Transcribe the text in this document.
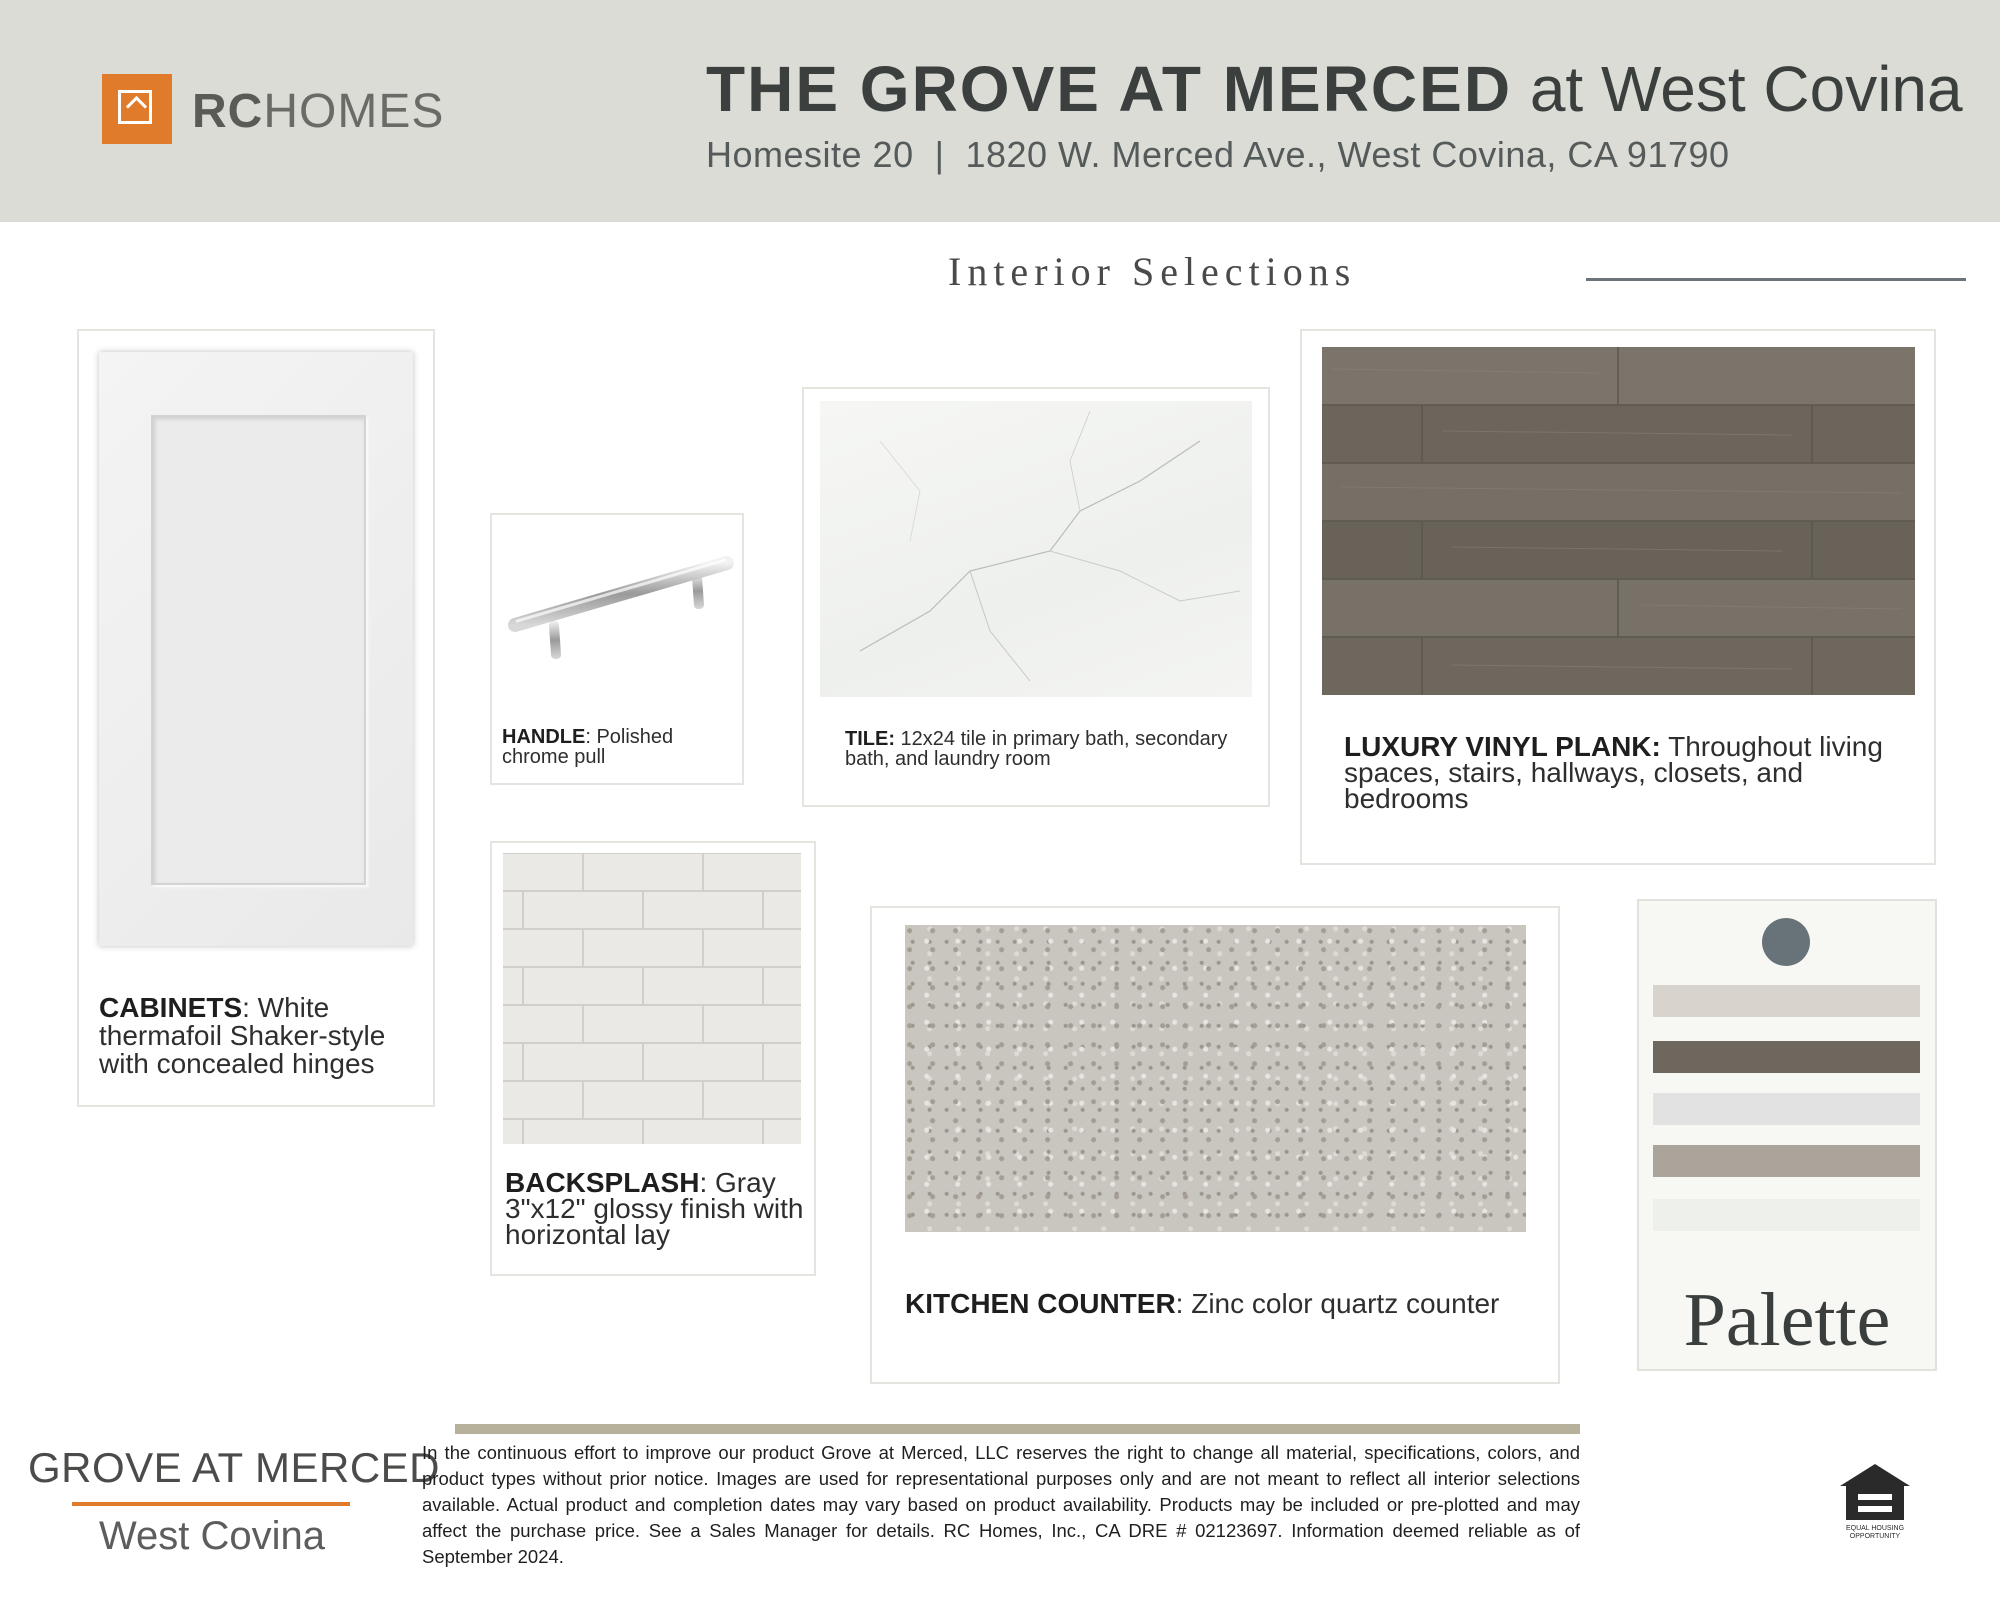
RCHOMES	THE GROVE AT MERCED at West Covina
Homesite 20  |  1820 W. Merced Ave., West Covina, CA 91790
Interior Selections
CABINETS: White thermafoil Shaker-style with concealed hinges
HANDLE: Polished chrome pull
TILE: 12x24 tile in primary bath, secondary bath, and laundry room	LUXURY VINYL PLANK: Throughout living spaces, stairs, hallways, closets, and bedrooms
BACKSPLASH: Gray 3"x12" glossy finish with horizontal lay
KITCHEN COUNTER: Zinc color quartz counter	Palette
GROVE AT MERCED
West Covina
In the continuous effort to improve our product Grove at Merced, LLC reserves the right to change all material, specifications, colors, and product types without prior notice. Images are used for representational purposes only and are not meant to reflect all interior selections available. Actual product and completion dates may vary based on product availability. Products may be included or pre-plotted and may affect the purchase price. See a Sales Manager for details. RC Homes, Inc., CA DRE # 02123697. Information deemed reliable as of September 2024.
EQUAL HOUSING
OPPORTUNITY
